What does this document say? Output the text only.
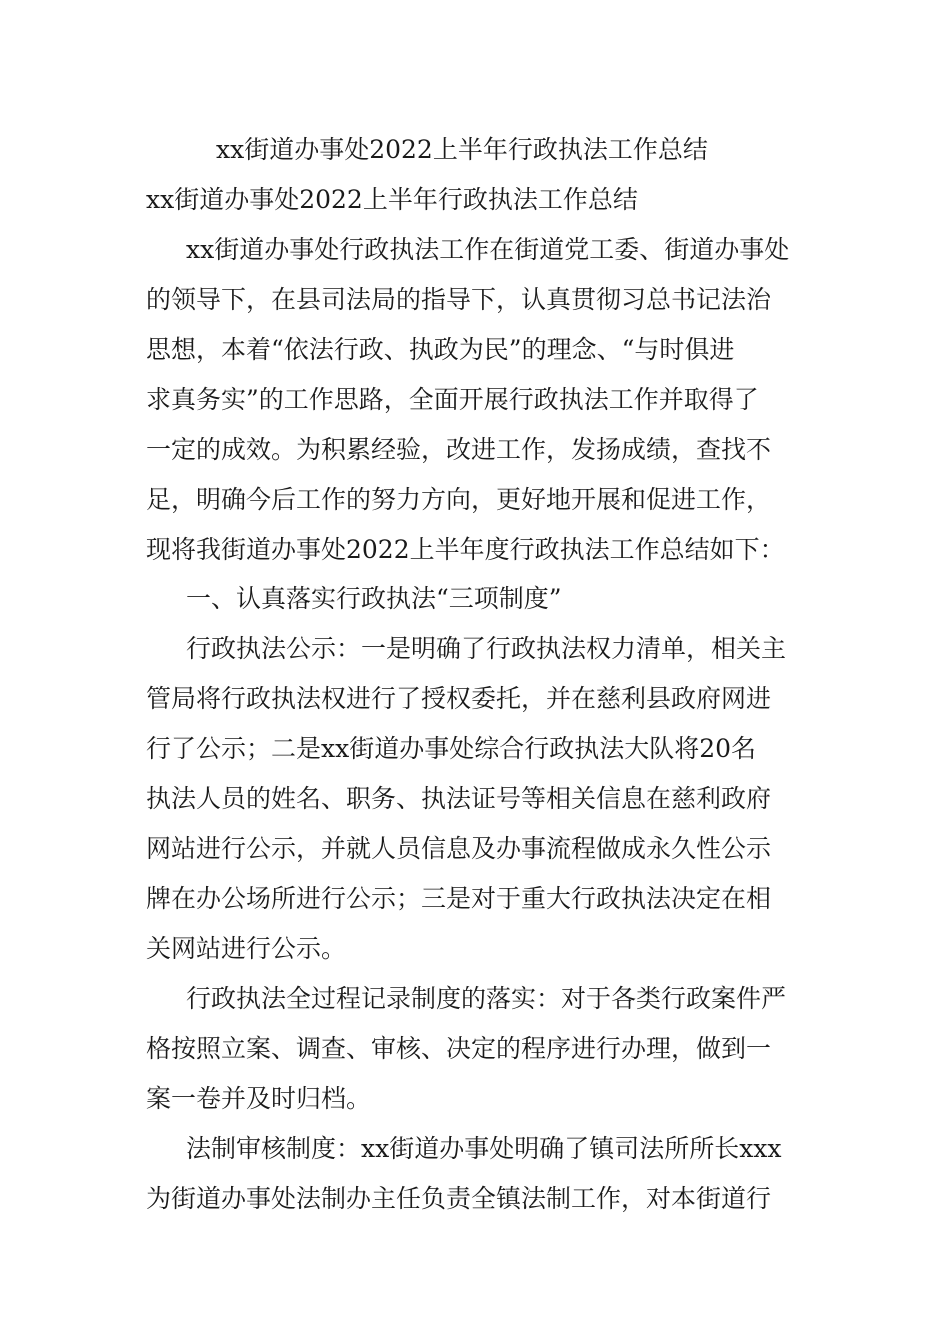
xx街道办事处2022上半年行政执法工作总结
xx街道办事处2022上半年行政执法工作总结
xx街道办事处行政执法工作在街道党工委、街道办事处
的领导下，在县司法局的指导下，认真贯彻习总书记法治
思想，本着“依法行政、执政为民”的理念、“与时俱进
求真务实”的工作思路，全面开展行政执法工作并取得了
一定的成效。为积累经验，改进工作，发扬成绩，查找不
足，明确今后工作的努力方向，更好地开展和促进工作，
现将我街道办事处2022上半年度行政执法工作总结如下：
一、认真落实行政执法“三项制度”
行政执法公示：一是明确了行政执法权力清单，相关主
管局将行政执法权进行了授权委托，并在慈利县政府网进
行了公示；二是xx街道办事处综合行政执法大队将20名
执法人员的姓名、职务、执法证号等相关信息在慈利政府
网站进行公示，并就人员信息及办事流程做成永久性公示
牌在办公场所进行公示；三是对于重大行政执法决定在相
关网站进行公示。
行政执法全过程记录制度的落实：对于各类行政案件严
格按照立案、调查、审核、决定的程序进行办理，做到一
案一卷并及时归档。
法制审核制度：xx街道办事处明确了镇司法所所长xxx
为街道办事处法制办主任负责全镇法制工作，对本街道行
